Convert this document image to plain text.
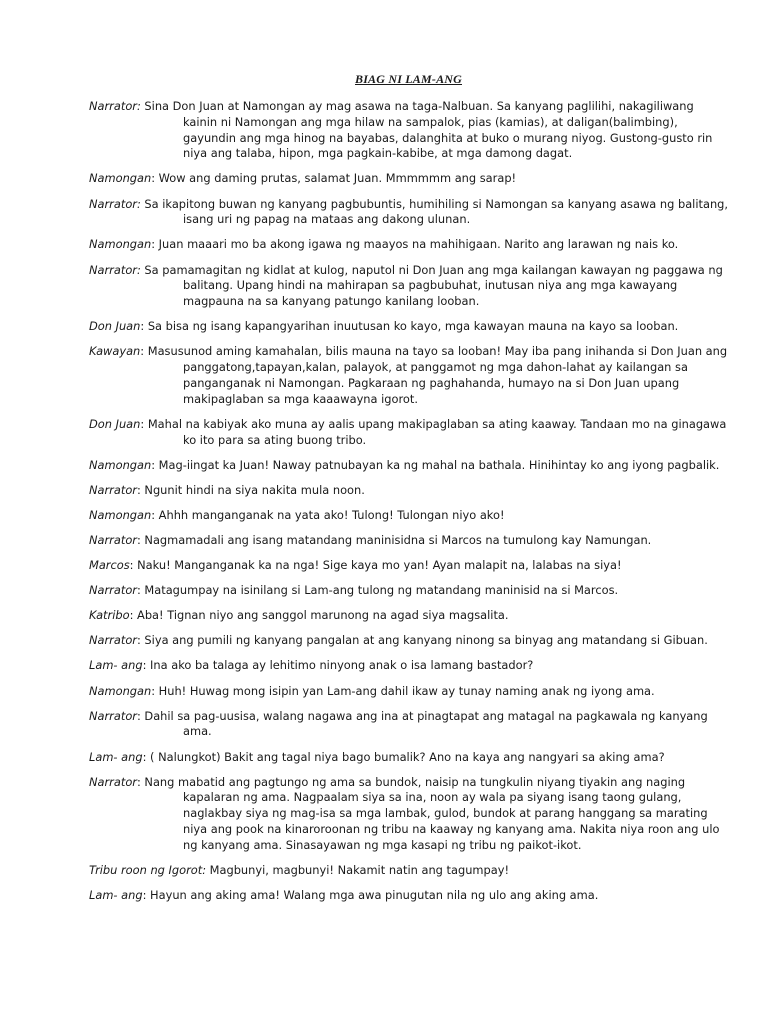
BIAG NI LAM-ANG
Narrator: Sina Don Juan at Namongan ay mag asawa na taga-Nalbuan. Sa kanyang paglilihi, nakagiliwang kainin ni Namongan ang mga hilaw na sampalok, pias (kamias), at daligan(balimbing), gayundin ang mga hinog na bayabas, dalanghita at buko o murang niyog. Gustong-gusto rin niya ang talaba, hipon, mga pagkain-kabibe, at mga damong dagat.
Namongan: Wow ang daming prutas, salamat Juan. Mmmmmm ang sarap!
Narrator: Sa ikapitong buwan ng kanyang pagbubuntis, humihiling si Namongan sa kanyang asawa ng balitang, isang uri ng papag na mataas ang dakong ulunan.
Namongan: Juan maaari mo ba akong igawa ng maayos na mahihigaan. Narito ang larawan ng nais ko.
Narrator: Sa pamamagitan ng kidlat at kulog, naputol ni Don Juan ang mga kailangan kawayan ng paggawa ng balitang. Upang hindi na mahirapan sa pagbubuhat, inutusan niya ang mga kawayang magpauna na sa kanyang patungo kanilang looban.
Don Juan: Sa bisa ng isang kapangyarihan inuutusan ko kayo, mga kawayan mauna na kayo sa looban.
Kawayan: Masusunod aming kamahalan, bilis mauna na tayo sa looban! May iba pang inihanda si Don Juan ang panggatong,tapayan,kalan, palayok, at panggamot ng mga dahon-lahat ay kailangan sa panganganak ni Namongan. Pagkaraan ng paghahanda, humayo na si Don Juan upang makipaglaban sa mga kaaawayna igorot.
Don Juan: Mahal na kabiyak ako muna ay aalis upang makipaglaban sa ating kaaway. Tandaan mo na ginagawa ko ito para sa ating buong tribo.
Namongan: Mag-iingat ka Juan! Naway patnubayan ka ng mahal na bathala. Hinihintay ko ang iyong pagbalik.
Narrator: Ngunit hindi na siya nakita mula noon.
Namongan: Ahhh manganganak na yata ako! Tulong! Tulongan niyo ako!
Narrator: Nagmamadali ang isang matandang maninisidna si Marcos na tumulong kay Namungan.
Marcos: Naku! Manganganak ka na nga! Sige kaya mo yan! Ayan malapit na, lalabas na siya!
Narrator: Matagumpay na isinilang si Lam-ang tulong ng matandang maninisid na si Marcos.
Katribo: Aba! Tignan niyo ang sanggol marunong na agad siya magsalita.
Narrator: Siya ang pumili ng kanyang pangalan at ang kanyang ninong sa binyag ang matandang si Gibuan.
Lam- ang: Ina ako ba talaga ay lehitimo ninyong anak o isa lamang bastador?
Namongan: Huh! Huwag mong isipin yan Lam-ang dahil ikaw ay tunay naming anak ng iyong ama.
Narrator: Dahil sa pag-uusisa, walang nagawa ang ina at pinagtapat ang matagal na pagkawala ng kanyang ama.
Lam- ang: ( Nalungkot) Bakit ang tagal niya bago bumalik? Ano na kaya ang nangyari sa aking ama?
Narrator: Nang mabatid ang pagtungo ng ama sa bundok, naisip na tungkulin niyang tiyakin ang naging kapalaran ng ama. Nagpaalam siya sa ina, noon ay wala pa siyang isang taong gulang, naglakbay siya ng mag-isa sa mga lambak, gulod, bundok at parang hanggang sa marating niya ang pook na kinaroroonan ng tribu na kaaway ng kanyang ama. Nakita niya roon ang ulo ng kanyang ama. Sinasayawan ng mga kasapi ng tribu ng paikot-ikot.
Tribu roon ng Igorot: Magbunyi, magbunyi! Nakamit natin ang tagumpay!
Lam- ang: Hayun ang aking ama! Walang mga awa pinugutan nila ng ulo ang aking ama.
